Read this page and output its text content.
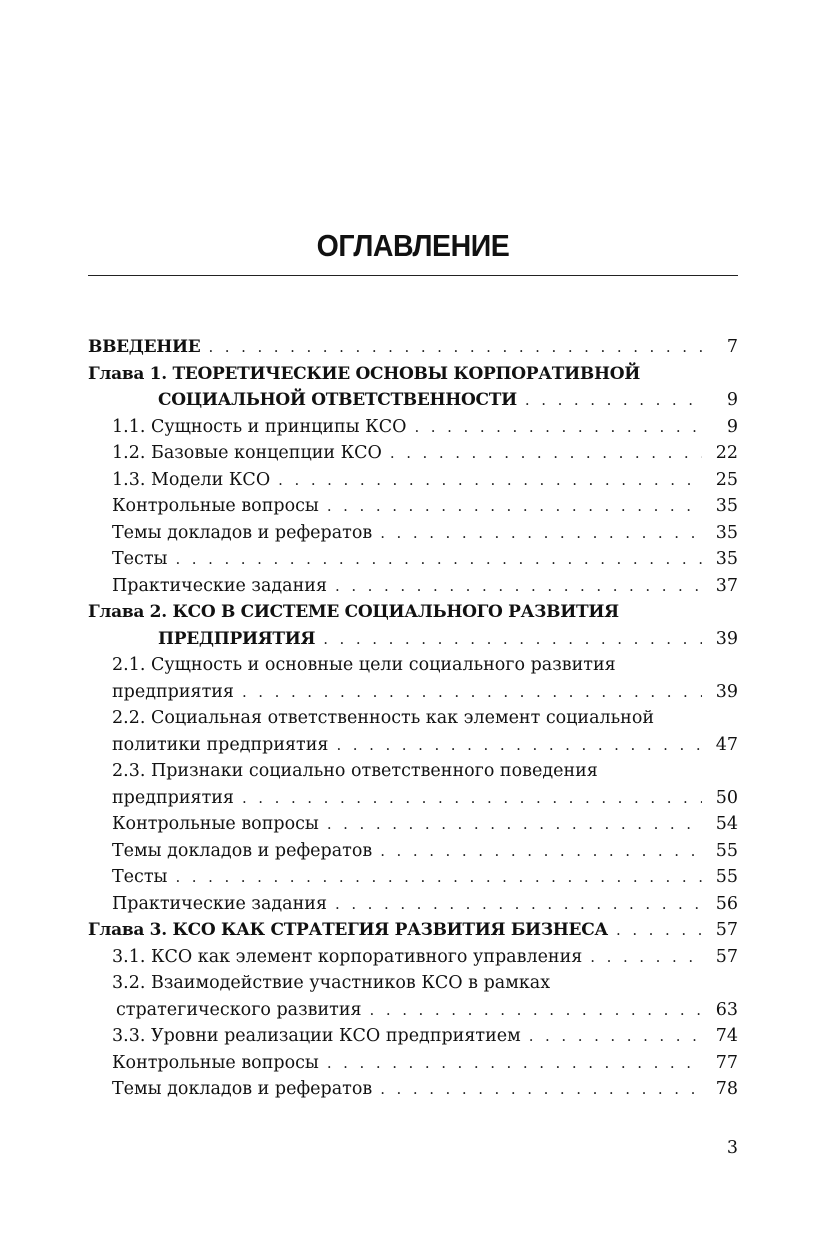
ОГЛАВЛЕНИЕ
ВВЕДЕНИЕ . . .	7
Глава 1. ТЕОРЕТИЧЕСКИЕ ОСНОВЫ КОРПОРАТИВНОЙ
СОЦИАЛЬНОЙ ОТВЕТСТВЕННОСТИ . . .	9
1.1. Сущность и принципы КСО . . .	9
1.2. Базовые концепции КСО . . .	22
1.3. Модели КСО . . .	25
Контрольные вопросы . . .	35
Темы докладов и рефератов . . .	35
Тесты . . .	35
Практические задания . . .	37
Глава 2. КСО В СИСТЕМЕ СОЦИАЛЬНОГО РАЗВИТИЯ
ПРЕДПРИЯТИЯ . . .	39
2.1. Сущность и основные цели социального развития
предприятия . . .	39
2.2. Социальная ответственность как элемент социальной
политики предприятия . . .	47
2.3. Признаки социально ответственного поведения
предприятия . . .	50
Контрольные вопросы . . .	54
Темы докладов и рефератов . . .	55
Тесты . . .	55
Практические задания . . .	56
Глава 3. КСО КАК СТРАТЕГИЯ РАЗВИТИЯ БИЗНЕСА . . .	57
3.1. КСО как элемент корпоративного управления . . .	57
3.2. Взаимодействие участников КСО в рамках
стратегического развития . . .	63
3.3. Уровни реализации КСО предприятием . . .	74
Контрольные вопросы . . .	77
Темы докладов и рефератов . . .	78
3
